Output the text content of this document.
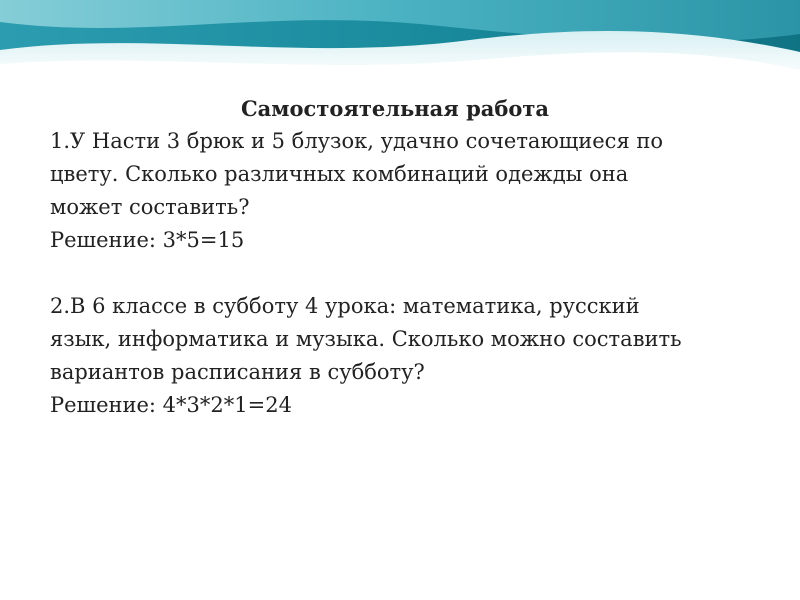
Самостоятельная работа

1.У Насти 3 брюк и 5 блузок, удачно сочетающиеся по

цвету. Сколько различных комбинаций одежды она

может составить?

Решение: 3*5=15

2.В 6 классе в субботу 4 урока: математика, русский

язык, информатика и музыка. Сколько можно составить

вариантов расписания в субботу?

Решение: 4*3*2*1=24
